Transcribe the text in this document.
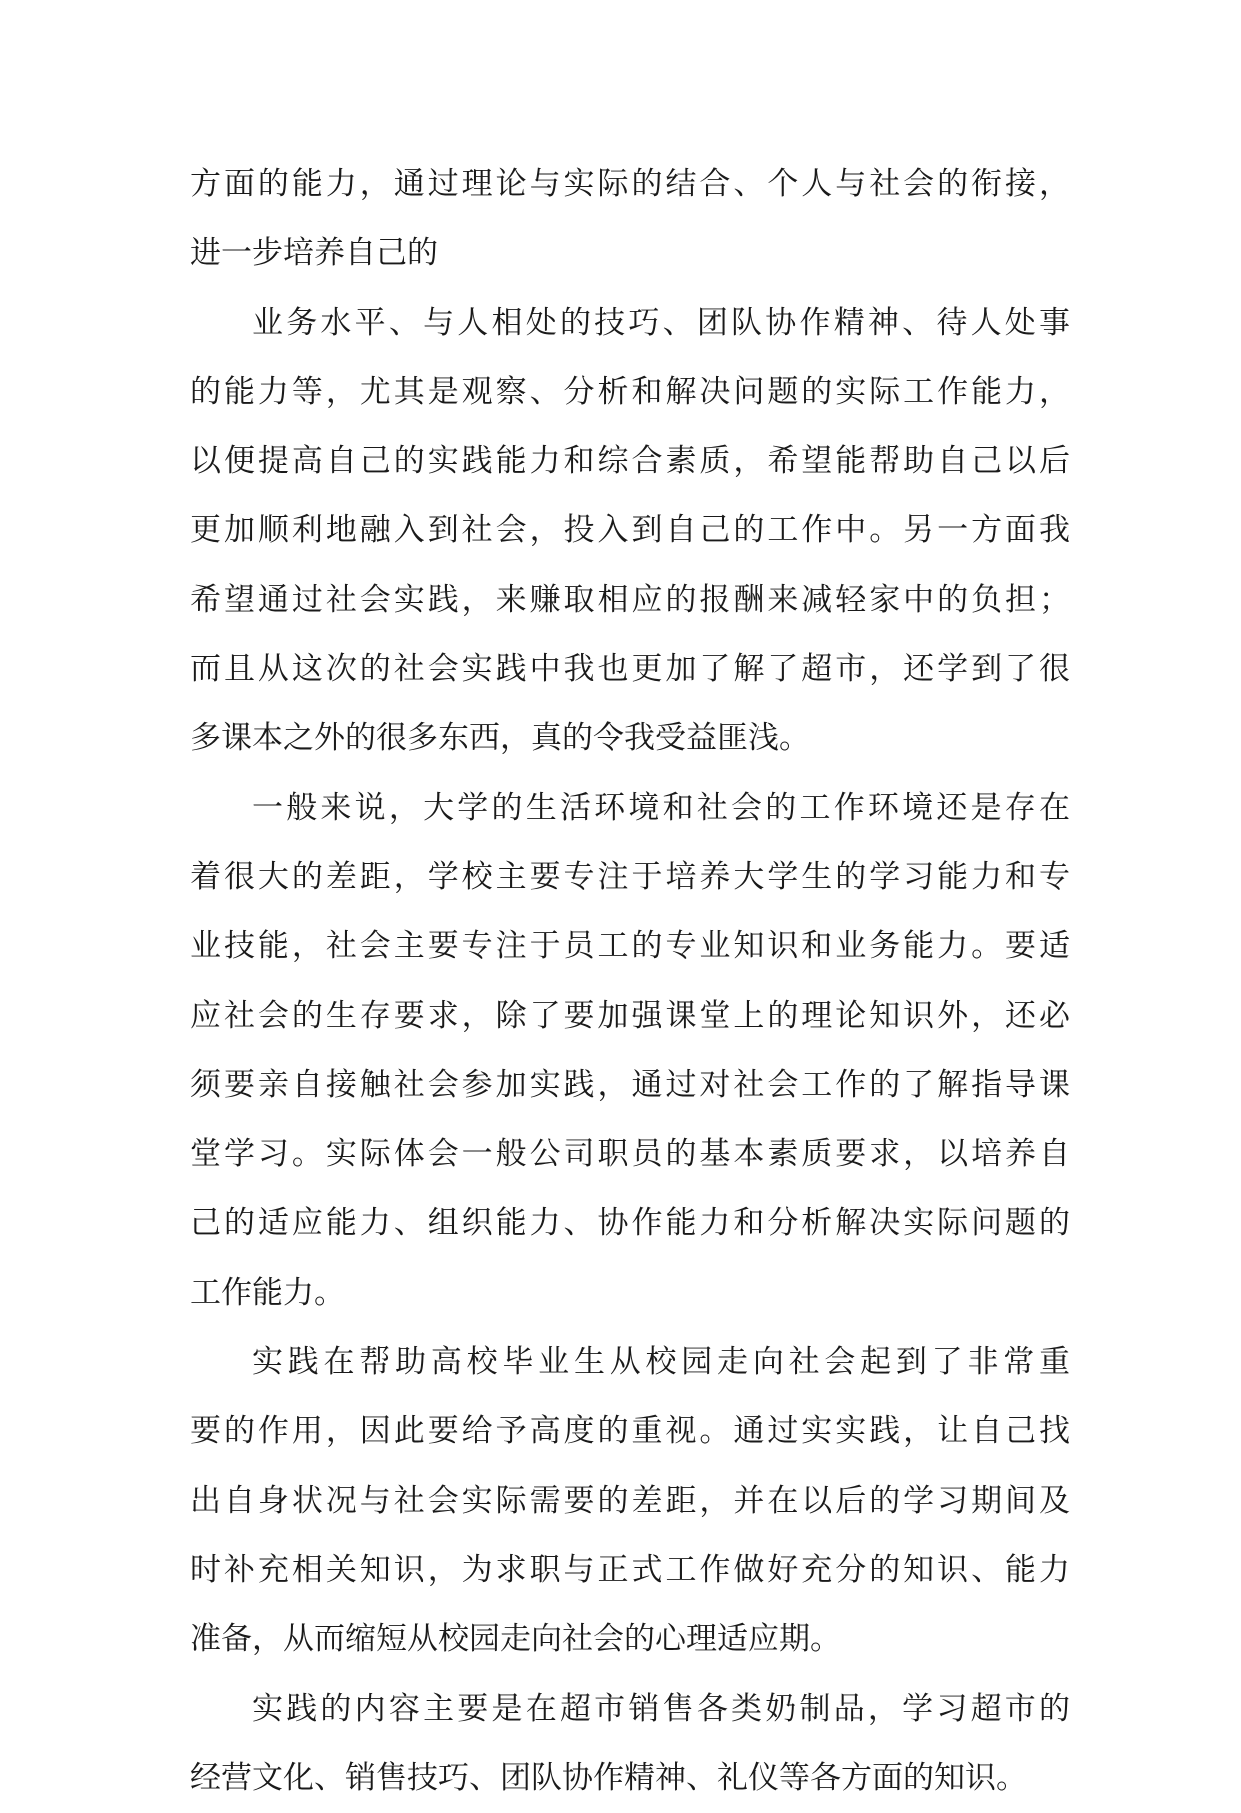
方面的能力，通过理论与实际的结合、个人与社会的衔接，
进一步培养自己的
业务水平、与人相处的技巧、团队协作精神、待人处事
的能力等，尤其是观察、分析和解决问题的实际工作能力，
以便提高自己的实践能力和综合素质，希望能帮助自己以后
更加顺利地融入到社会，投入到自己的工作中。另一方面我
希望通过社会实践，来赚取相应的报酬来减轻家中的负担；
而且从这次的社会实践中我也更加了解了超市，还学到了很
多课本之外的很多东西，真的令我受益匪浅。
一般来说，大学的生活环境和社会的工作环境还是存在
着很大的差距，学校主要专注于培养大学生的学习能力和专
业技能，社会主要专注于员工的专业知识和业务能力。要适
应社会的生存要求，除了要加强课堂上的理论知识外，还必
须要亲自接触社会参加实践，通过对社会工作的了解指导课
堂学习。实际体会一般公司职员的基本素质要求，以培养自
己的适应能力、组织能力、协作能力和分析解决实际问题的
工作能力。
实践在帮助高校毕业生从校园走向社会起到了非常重
要的作用，因此要给予高度的重视。通过实实践，让自己找
出自身状况与社会实际需要的差距，并在以后的学习期间及
时补充相关知识，为求职与正式工作做好充分的知识、能力
准备，从而缩短从校园走向社会的心理适应期。
实践的内容主要是在超市销售各类奶制品，学习超市的
经营文化、销售技巧、团队协作精神、礼仪等各方面的知识。
